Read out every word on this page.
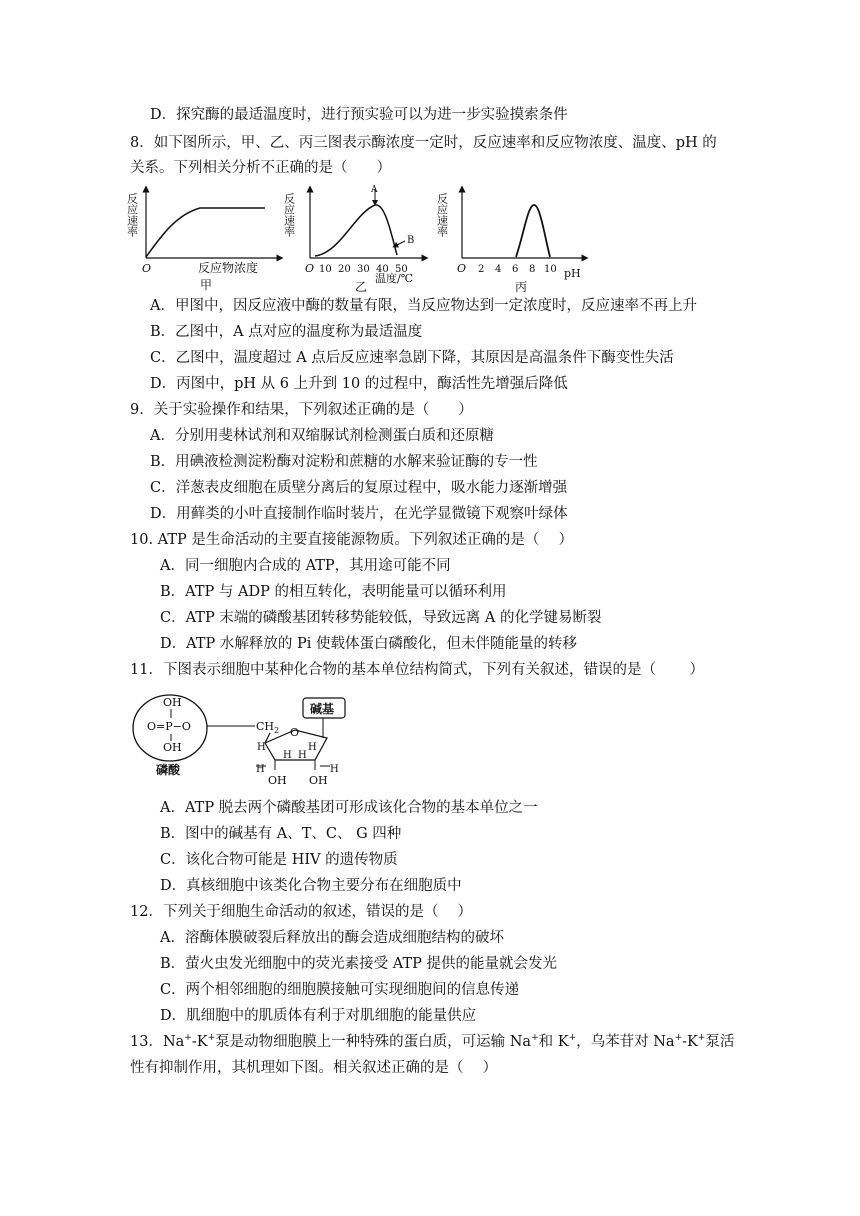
D．探究酶的最适温度时，进行预实验可以为进一步实验摸索条件
8．如下图所示，甲、乙、丙三图表示酶浓度一定时，反应速率和反应物浓度、温度、pH 的
关系。下列相关分析不正确的是（　　）
反应速率
O	反应物浓度
甲
反应速率
A
B
O 10 20 30 40 50
温度/℃
乙
反应速率
O 2 4 6 8 10 pH
丙
A．甲图中，因反应液中酶的数量有限，当反应物达到一定浓度时，反应速率不再上升
B．乙图中，A 点对应的温度称为最适温度
C．乙图中，温度超过 A 点后反应速率急剧下降，其原因是高温条件下酶变性失活
D．丙图中，pH 从 6 上升到 10 的过程中，酶活性先增强后降低
9．关于实验操作和结果，下列叙述正确的是（　　）
A．分别用斐林试剂和双缩脲试剂检测蛋白质和还原糖
B．用碘液检测淀粉酶对淀粉和蔗糖的水解来验证酶的专一性
C．洋葱表皮细胞在质壁分离后的复原过程中，吸水能力逐渐增强
D．用藓类的小叶直接制作临时装片，在光学显微镜下观察叶绿体
10. ATP 是生命活动的主要直接能源物质。下列叙述正确的是（　 ）
A．同一细胞内合成的 ATP，其用途可能不同
B．ATP 与 ADP 的相互转化，表明能量可以循环利用
C．ATP 末端的磷酸基团转移势能较低，导致远离 A 的化学键易断裂
D．ATP 水解释放的 Pi 使载体蛋白磷酸化，但未伴随能量的转移
11．下图表示细胞中某种化合物的基本单位结构简式，下列有关叙述，错误的是（　　 ）
OH
O=P−O
OH
磷酸
$CH_2$
碱基
O
H	H
H H
H
OH OH
H
A．ATP 脱去两个磷酸基团可形成该化合物的基本单位之一
B．图中的碱基有 A、T、C、 G 四种
C．该化合物可能是 HIV 的遗传物质
D．真核细胞中该类化合物主要分布在细胞质中
12．下列关于细胞生命活动的叙述，错误的是（　 ）
A．溶酶体膜破裂后释放出的酶会造成细胞结构的破坏
B．萤火虫发光细胞中的荧光素接受 ATP 提供的能量就会发光
C．两个相邻细胞的细胞膜接触可实现细胞间的信息传递
D．肌细胞中的肌质体有利于对肌细胞的能量供应
13．Na+-K+泵是动物细胞膜上一种特殊的蛋白质，可运输 Na+和 K+，乌苯苷对 Na+-K+泵活
性有抑制作用，其机理如下图。相关叙述正确的是（　 ）
